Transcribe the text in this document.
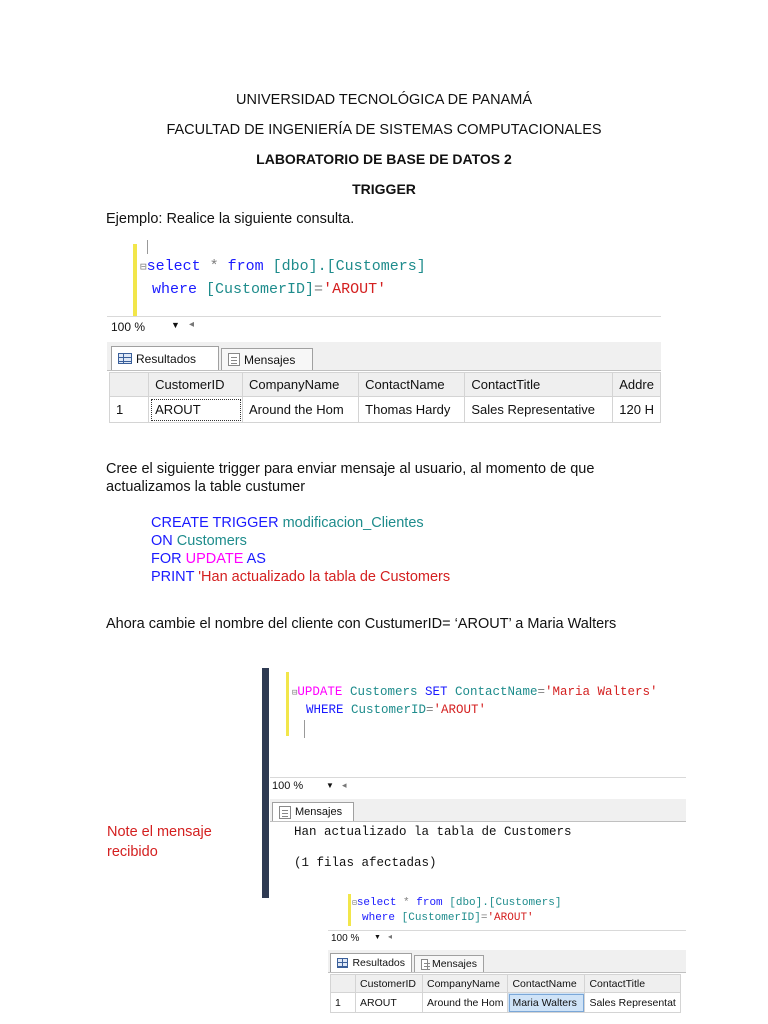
UNIVERSIDAD TECNOLÓGICA DE PANAMÁ
FACULTAD DE INGENIERÍA DE SISTEMAS COMPUTACIONALES
LABORATORIO DE BASE DE DATOS 2
TRIGGER
Ejemplo: Realice la siguiente consulta.
⊟select * from [dbo].[Customers]
where [CustomerID]='AROUT'
100 %	▼ ◂
Resultados	Mensajes
	CustomerID	CompanyName	ContactName	ContactTitle	Addre
1	AROUT	Around the Hom	Thomas Hardy	Sales Representative	120 H
Cree el siguiente trigger para enviar mensaje al usuario, al momento de que
actualizamos la table custumer
CREATE TRIGGER modificacion_Clientes
ON Customers
FOR UPDATE AS
PRINT 'Han actualizado la tabla de Customers
Ahora cambie el nombre del cliente con CustumerID= ‘AROUT’ a Maria Walters
⊟UPDATE Customers SET ContactName='Maria Walters'
WHERE CustomerID='AROUT'
100 %	▼ ◂
Mensajes
Han actualizado la tabla de Customers
(1 filas afectadas)
Note el mensaje
recibido
⊟select * from [dbo].[Customers]
where [CustomerID]='AROUT'
100 % ▼ ◂
Resultados	Mensajes
	CustomerID	CompanyName	ContactName	ContactTitle
1	AROUT	Around the Hom	Maria Walters	Sales Representat
